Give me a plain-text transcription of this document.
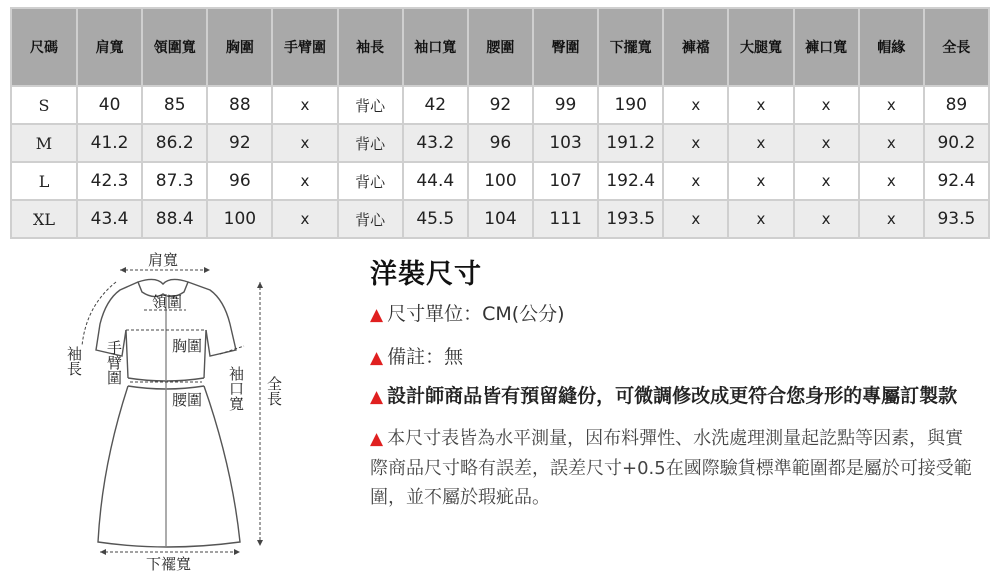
尺碼	肩寬	領圍寬	胸圍	手臂圍	袖長	袖口寬	腰圍	臀圍	下擺寬	褲襠	大腿寬	褲口寬	帽緣	全長
S	40	85	88	x	背心	42	92	99	190	x	x	x	x	89
M	41.2	86.2	92	x	背心	43.2	96	103	191.2	x	x	x	x	90.2
L	42.3	87.3	96	x	背心	44.4	100	107	192.4	x	x	x	x	92.4
XL	43.4	88.4	100	x	背心	45.5	104	111	193.5	x	x	x	x	93.5
肩寬
領圍
袖長 手臂圍	胸圍
袖口寬
腰圍	全長
下襬寬
洋裝尺寸

▲ 尺寸單位：CM(公分)

▲ 備註：無

▲ 設計師商品皆有預留縫份，可微調修改成更符合您身形的專屬訂製款
▲ 本尺寸表皆為水平測量，因布料彈性、水洗處理測量起訖點等因素，與實際商品尺寸略有誤差，誤差尺寸+0.5在國際驗貨標準範圍都是屬於可接受範圍，並不屬於瑕疵品。
